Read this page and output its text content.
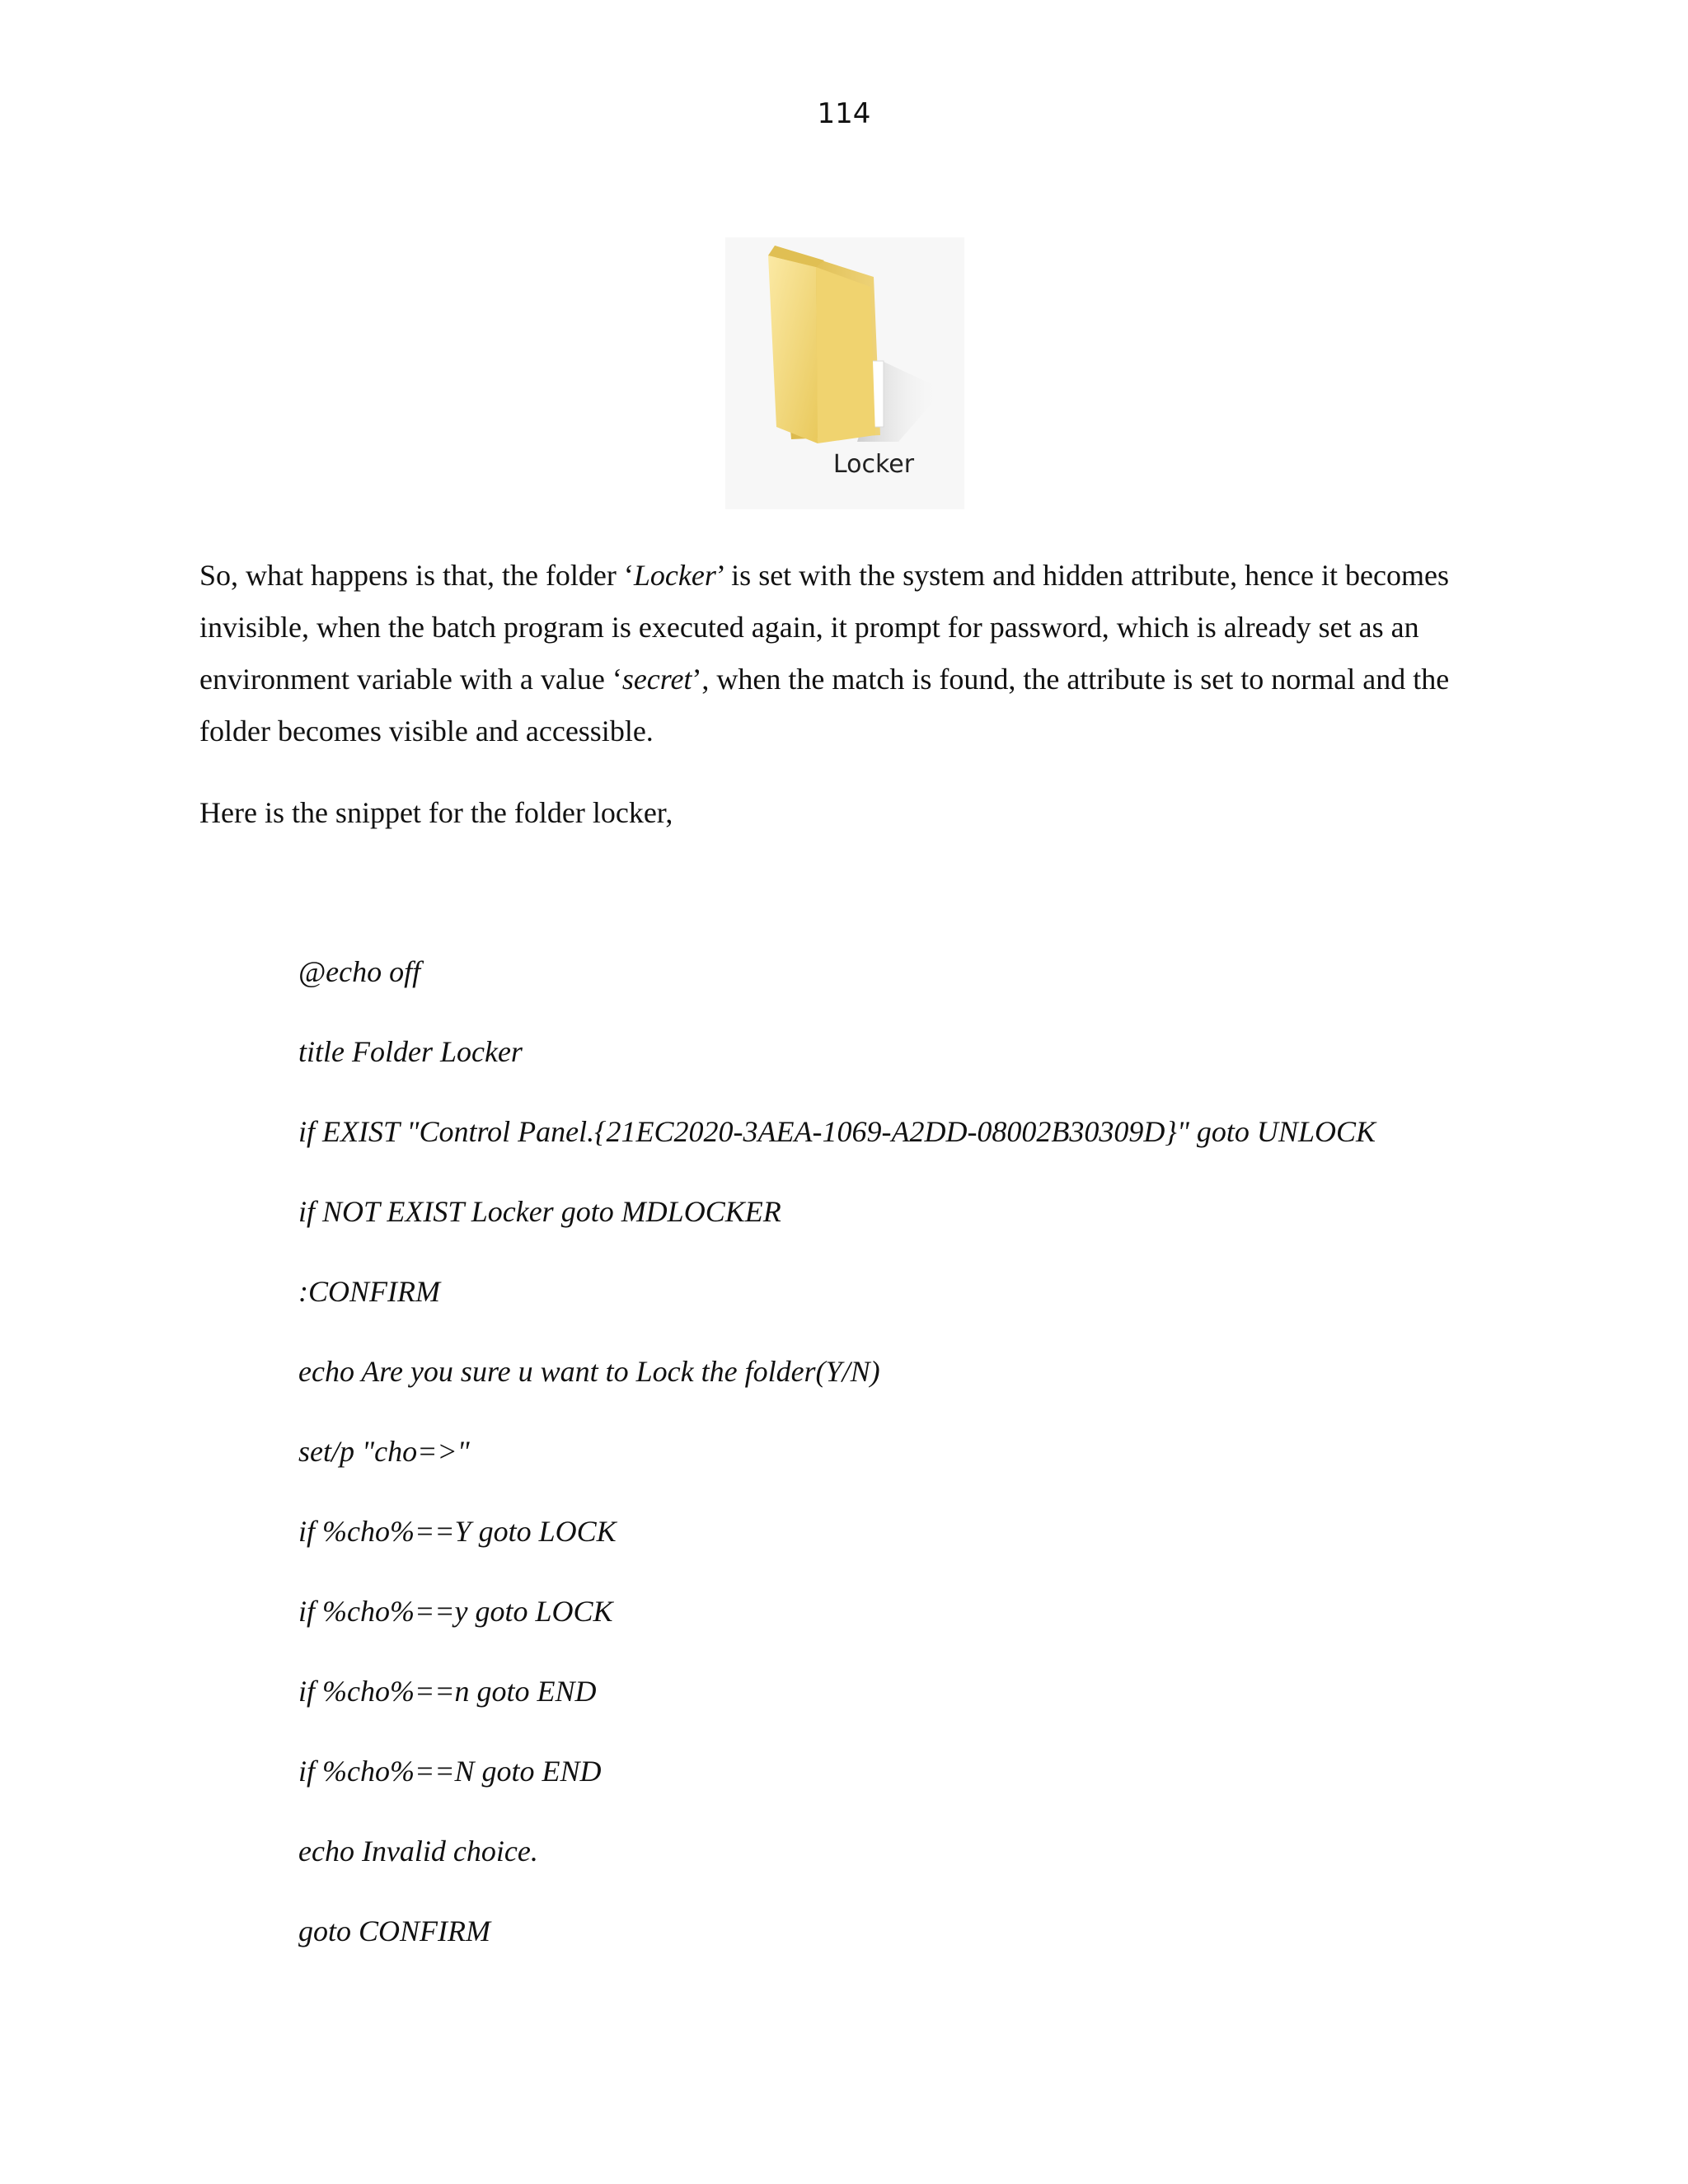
114
Locker

So, what happens is that, the folder ‘Locker’ is set with the system and hidden attribute, hence it becomes invisible, when the batch program is executed again, it prompt for password, which is already set as an environment variable with a value ‘secret’, when the match is found, the attribute is set to normal and the folder becomes visible and accessible.

Here is the snippet for the folder locker,

@echo off
title Folder Locker
if EXIST "Control Panel.{21EC2020-3AEA-1069-A2DD-08002B30309D}" goto UNLOCK
if NOT EXIST Locker goto MDLOCKER
:CONFIRM
echo Are you sure u want to Lock the folder(Y/N)
set/p "cho=>"
if %cho%==Y goto LOCK
if %cho%==y goto LOCK
if %cho%==n goto END
if %cho%==N goto END
echo Invalid choice.
goto CONFIRM
